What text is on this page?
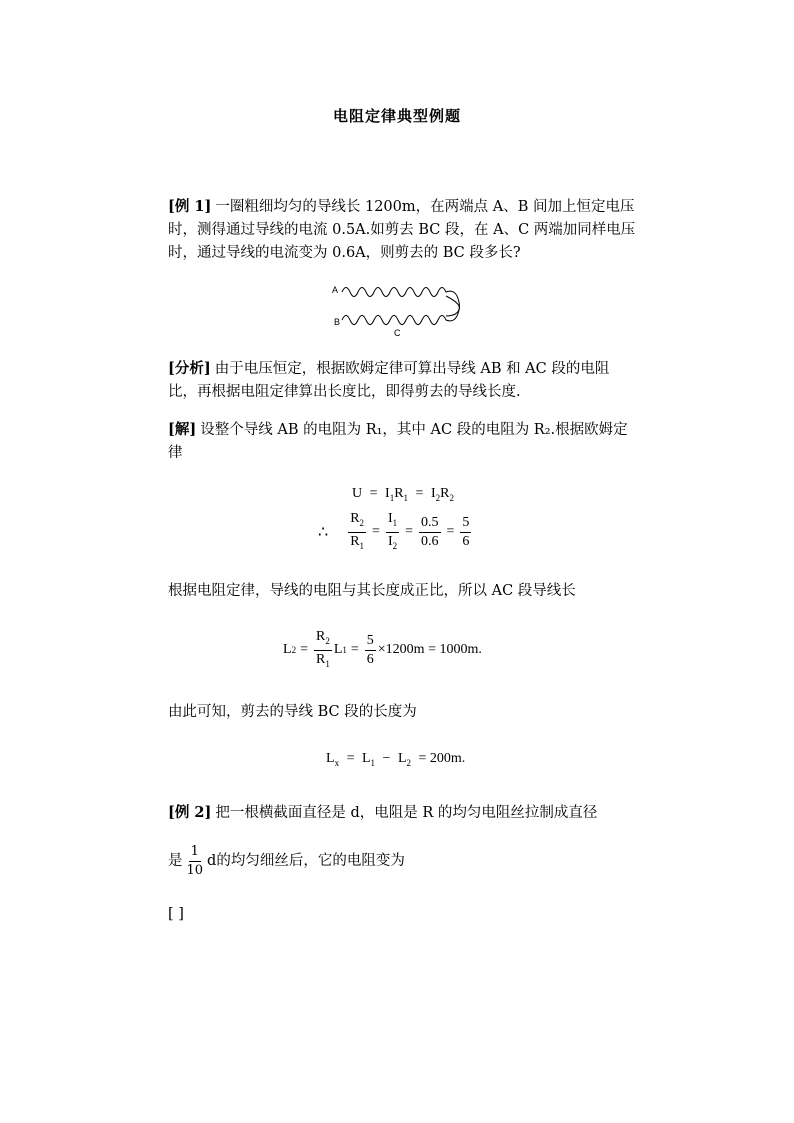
电阻定律典型例题
[例 1] 一圈粗细均匀的导线长 1200m，在两端点 A、B 间加上恒定电压时，测得通过导线的电流 0.5A.如剪去 BC 段，在 A、C 两端加同样电压时，通过导线的电流变为 0.6A，则剪去的 BC 段多长?
A
B
C
[分析] 由于电压恒定，根据欧姆定律可算出导线 AB 和 AC 段的电阻比，再根据电阻定律算出长度比，即得剪去的导线长度.
[解] 设整个导线 AB 的电阻为 R₁，其中 AC 段的电阻为 R₂.根据欧姆定律
$U = I_1R_1 = I_2R_2$
∴ $\frac{R_2}{R_1} = \frac{I_1}{I_2} = \frac{0.5}{0.6} = \frac{5}{6}$
根据电阻定律，导线的电阻与其长度成正比，所以 AC 段导线长
L $2 = \frac{R_2}{R_1}$ L $1 = \frac{5}{6} \times 1200m = 1000m$.
由此可知，剪去的导线 BC 段的长度为
$L_x = L_1 - L_2 = 200m$.
[例 2] 把一根横截面直径是 d，电阻是 R 的均匀电阻丝拉制成直径
是 $\frac{1}{10}$ d的均匀细丝后，它的电阻变为
[ ]
